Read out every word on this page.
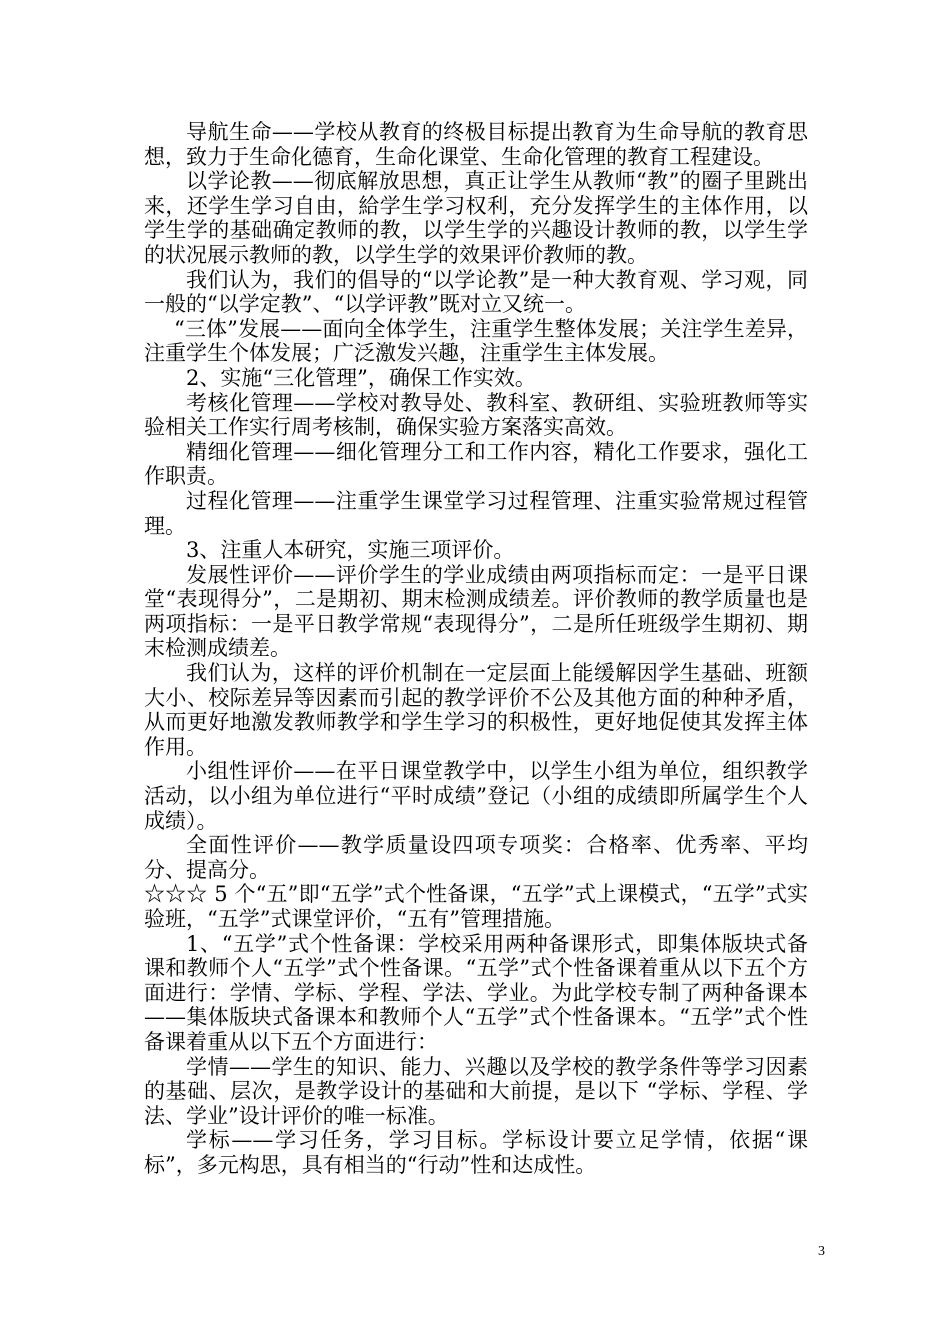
导航生命——学校从教育的终极目标提出教育为生命导航的教育思想，致力于生命化德育，生命化课堂、生命化管理的教育工程建设。

以学论教——彻底解放思想，真正让学生从教师“教”的圈子里跳出来，还学生学习自由，給学生学习权利，充分发挥学生的主体作用，以学生学的基础确定教师的教，以学生学的兴趣设计教师的教，以学生学的状况展示教师的教，以学生学的效果评价教师的教。

我们认为，我们的倡导的“以学论教”是一种大教育观、学习观，同一般的“以学定教”、“以学评教”既对立又统一。

“三体”发展——面向全体学生，注重学生整体发展；关注学生差异，注重学生个体发展；广泛激发兴趣，注重学生主体发展。

2、实施“三化管理”，确保工作实效。

考核化管理——学校对教导处、教科室、教研组、实验班教师等实验相关工作实行周考核制，确保实验方案落实高效。

精细化管理——细化管理分工和工作内容，精化工作要求，强化工作职责。

过程化管理——注重学生课堂学习过程管理、注重实验常规过程管理。

3、注重人本研究，实施三项评价。

发展性评价——评价学生的学业成绩由两项指标而定：一是平日课堂“表现得分”，二是期初、期末检测成绩差。评价教师的教学质量也是两项指标：一是平日教学常规“表现得分”，二是所任班级学生期初、期末检测成绩差。

我们认为，这样的评价机制在一定层面上能缓解因学生基础、班额大小、校际差异等因素而引起的教学评价不公及其他方面的种种矛盾，从而更好地激发教师教学和学生学习的积极性，更好地促使其发挥主体作用。

小组性评价——在平日课堂教学中，以学生小组为单位，组织教学活动，以小组为单位进行“平时成绩”登记（小组的成绩即所属学生个人成绩）。

全面性评价——教学质量设四项专项奖：合格率、优秀率、平均分、提高分。

☆☆☆ 5 个“五”即“五学”式个性备课，“五学”式上课模式，“五学”式实验班，“五学”式课堂评价，“五有”管理措施。

1、“五学”式个性备课：学校采用两种备课形式，即集体版块式备课和教师个人“五学”式个性备课。“五学”式个性备课着重从以下五个方面进行：学情、学标、学程、学法、学业。为此学校专制了两种备课本——集体版块式备课本和教师个人“五学”式个性备课本。“五学”式个性备课着重从以下五个方面进行：

学情——学生的知识、能力、兴趣以及学校的教学条件等学习因素的基础、层次，是教学设计的基础和大前提，是以下 “学标、学程、学法、学业”设计评价的唯一标准。

学标——学习任务，学习目标。学标设计要立足学情，依据“课标”，多元构思，具有相当的“行动”性和达成性。

3
